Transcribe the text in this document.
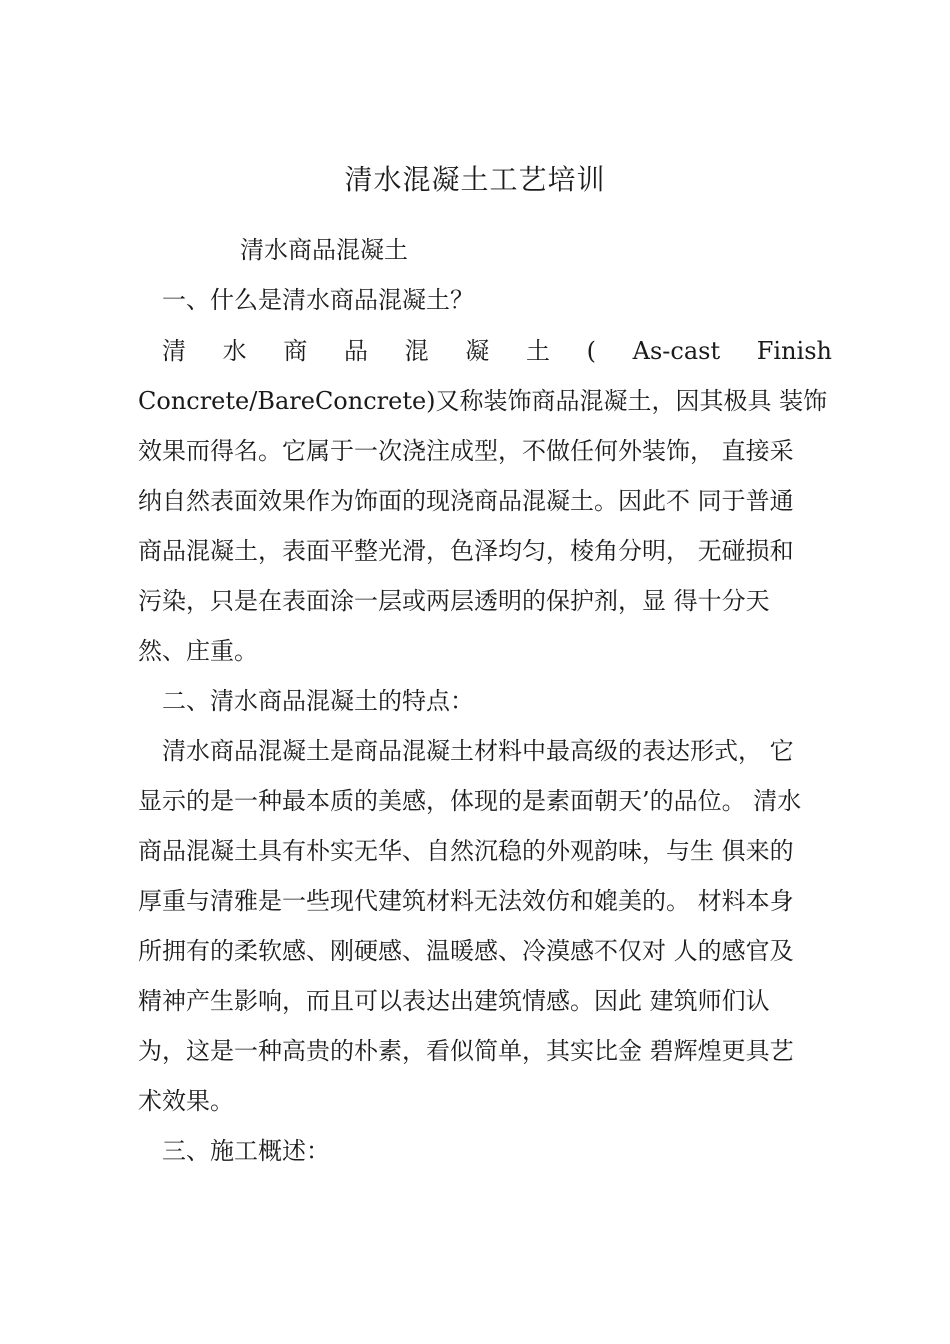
清水混凝土工艺培训
清水商品混凝土
一、什么是清水商品混凝土？
清 水 商 品 混 凝 土 ( As-cast Finish
Concrete/BareConcrete)又称装饰商品混凝土，因其极具 装饰
效果而得名。它属于一次浇注成型，不做任何外装饰， 直接采
纳自然表面效果作为饰面的现浇商品混凝土。因此不 同于普通
商品混凝土，表面平整光滑，色泽均匀，棱角分明， 无碰损和
污染，只是在表面涂一层或两层透明的保护剂，显 得十分天
然、庄重。
二、清水商品混凝土的特点：
　清水商品混凝土是商品混凝土材料中最高级的表达形式， 它
显示的是一种最本质的美感，体现的是素面朝天’的品位。 清水
商品混凝土具有朴实无华、自然沉稳的外观韵味，与生 俱来的
厚重与清雅是一些现代建筑材料无法效仿和媲美的。 材料本身
所拥有的柔软感、刚硬感、温暖感、冷漠感不仅对 人的感官及
精神产生影响，而且可以表达出建筑情感。因此 建筑师们认
为，这是一种高贵的朴素，看似简单，其实比金 碧辉煌更具艺
术效果。
三、施工概述：
